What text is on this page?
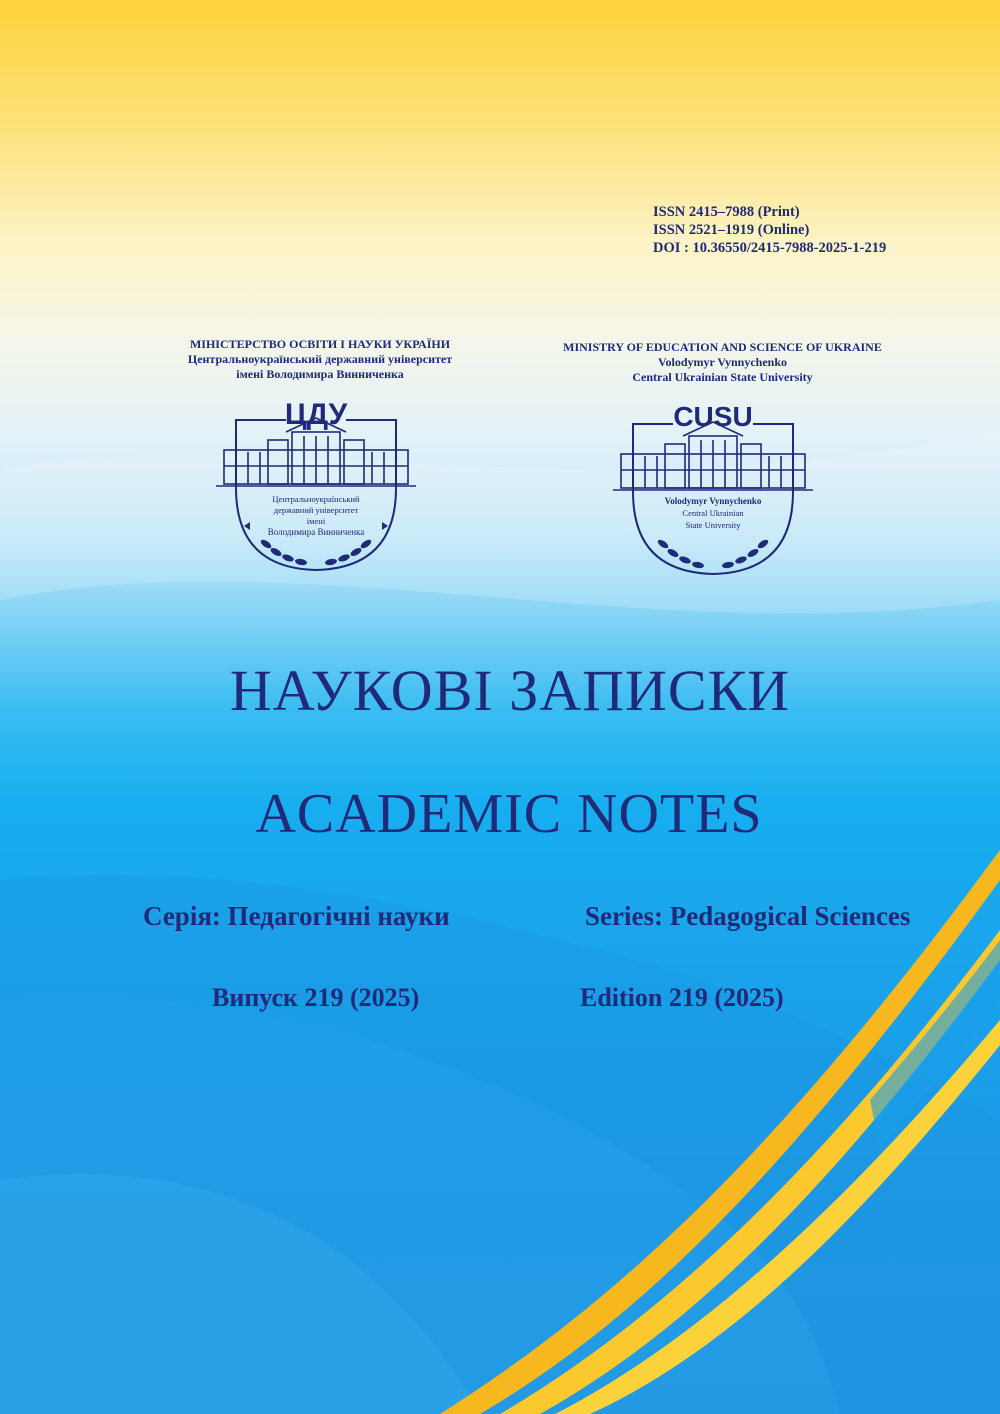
ISSN 2415–7988 (Print)
ISSN 2521–1919 (Online)
DOI : 10.36550/2415-7988-2025-1-219
МІНІСТЕРСТВО ОСВІТИ І НАУКИ УКРАЇНИ
Центральноукраїнський державний університет
імені Володимира Винниченка
MINISTRY OF EDUCATION AND SCIENCE OF UKRAINE
Volodymyr Vynnychenko
Central Ukrainian State University
ЦДУ
Центральноукраїнський
державний університет
імені
Володимира Винниченка
CUSU
Volodymyr Vynnychenko
Central Ukrainian
State University
НАУКОВІ ЗАПИСКИ
ACADEMIC NOTES
Серія: Педагогічні науки	Series: Pedagogical Sciences
Випуск 219 (2025)	Edition 219 (2025)
